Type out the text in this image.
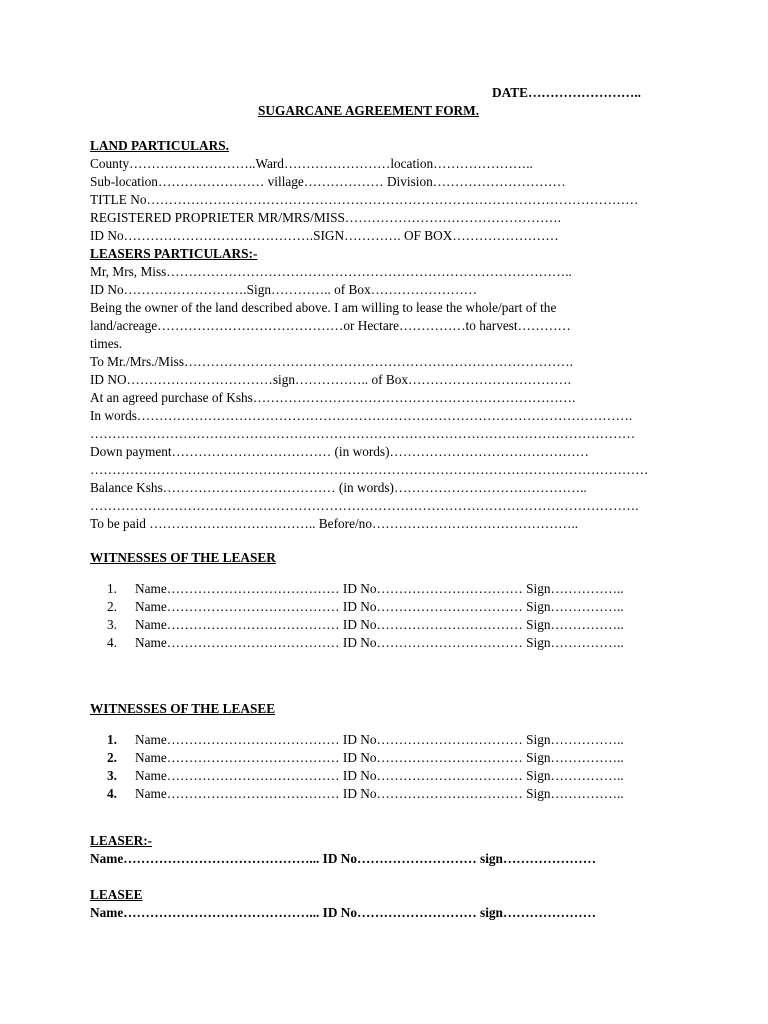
DATE……………………..
SUGARCANE AGREEMENT FORM.
LAND PARTICULARS.
County………………………..Ward……………………location…………………..
Sub-location…………………… village……………… Division…………………………
TITLE No…………………………………………………………………………………………………
REGISTERED PROPRIETER MR/MRS/MISS………………………………………….
ID No…………………………………….SIGN…………. OF BOX……………………
LEASERS PARTICULARS:-
Mr, Mrs, Miss………………………………………………………………………………..
ID No……………………….Sign………….. of Box……………………
Being the owner of the land described above. I am willing to lease the whole/part of the
land/acreage……………………………………or Hectare……………to harvest…………
times.
To Mr./Mrs./Miss…………………………………………………………………………….
ID NO……………………………sign…………….. of Box……………………………….
At an agreed purchase of Kshs……………………………………………………………….
In words………………………………………………………………………………………………….
……………………………………………………………………………………………………………
Down payment……………………………… (in words)………………………………………
………………………………………………………………………………………………………………
Balance Kshs………………………………… (in words)……………………………………..
…………………………………………………………………………………………………………….
To be paid ……………………………….. Before/no………………………………………..
WITNESSES OF THE LEASER
1. Name………………………………… ID No…………………………… Sign……………..
2. Name………………………………… ID No…………………………… Sign……………..
3. Name………………………………… ID No…………………………… Sign……………..
4. Name………………………………… ID No…………………………… Sign……………..
WITNESSES OF THE LEASEE
1. Name………………………………… ID No…………………………… Sign……………..
2. Name………………………………… ID No…………………………… Sign……………..
3. Name………………………………… ID No…………………………… Sign……………..
4. Name………………………………… ID No…………………………… Sign……………..
LEASER:-
Name……………………………………... ID No……………………… sign…………………
LEASEE
Name……………………………………... ID No……………………… sign…………………
